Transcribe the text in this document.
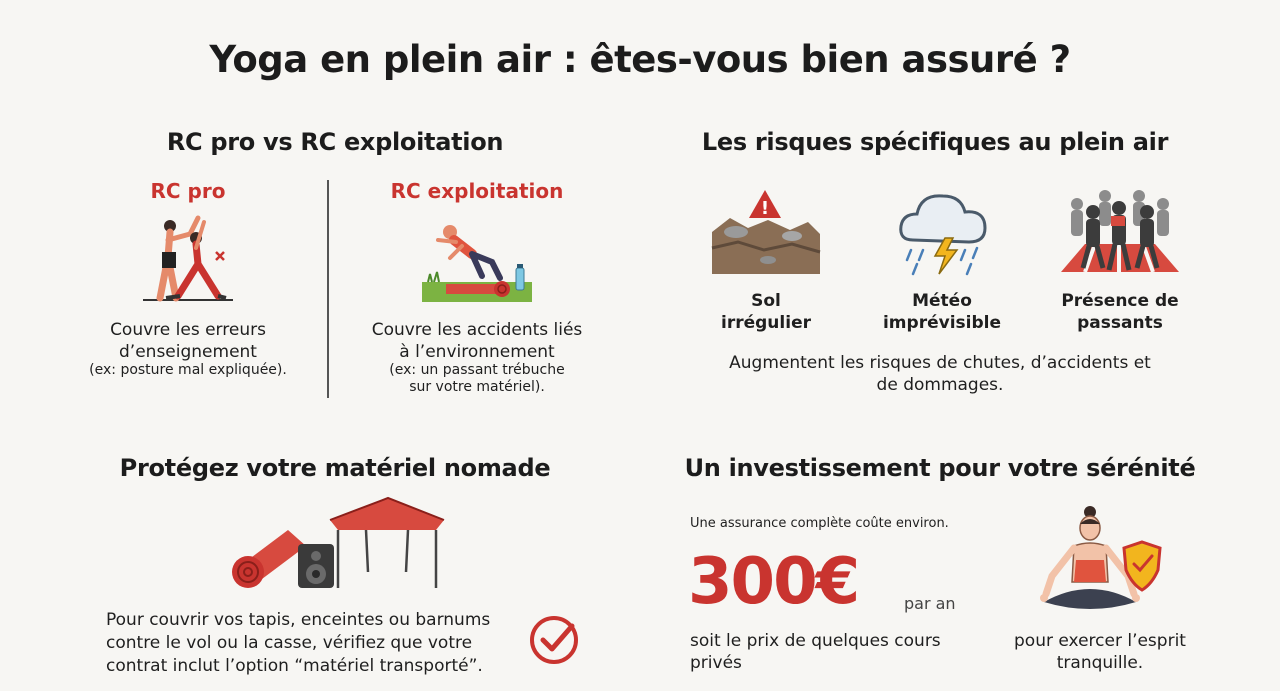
Yoga en plein air : êtes-vous bien assuré ?
RC pro vs RC exploitation
RC pro	RC exploitation
Couvre les erreurs
d’enseignement
(ex: posture mal expliquée).
Couvre les accidents liés
à l’environnement
(ex: un passant trébuche
sur votre matériel).
Les risques spécifiques au plein air
!
Sol
irrégulier
Météo
imprévisible
Présence de
passants
Augmentent les risques de chutes, d’accidents et
de dommages.
Protégez votre matériel nomade
Pour couvrir vos tapis, enceintes ou barnums
contre le vol ou la casse, vérifiez que votre
contrat inclut l’option “matériel transporté”.
Un investissement pour votre sérénité
Une assurance complète coûte environ.
300€	par an
soit le prix de quelques cours
privés
pour exercer l’esprit
tranquille.
